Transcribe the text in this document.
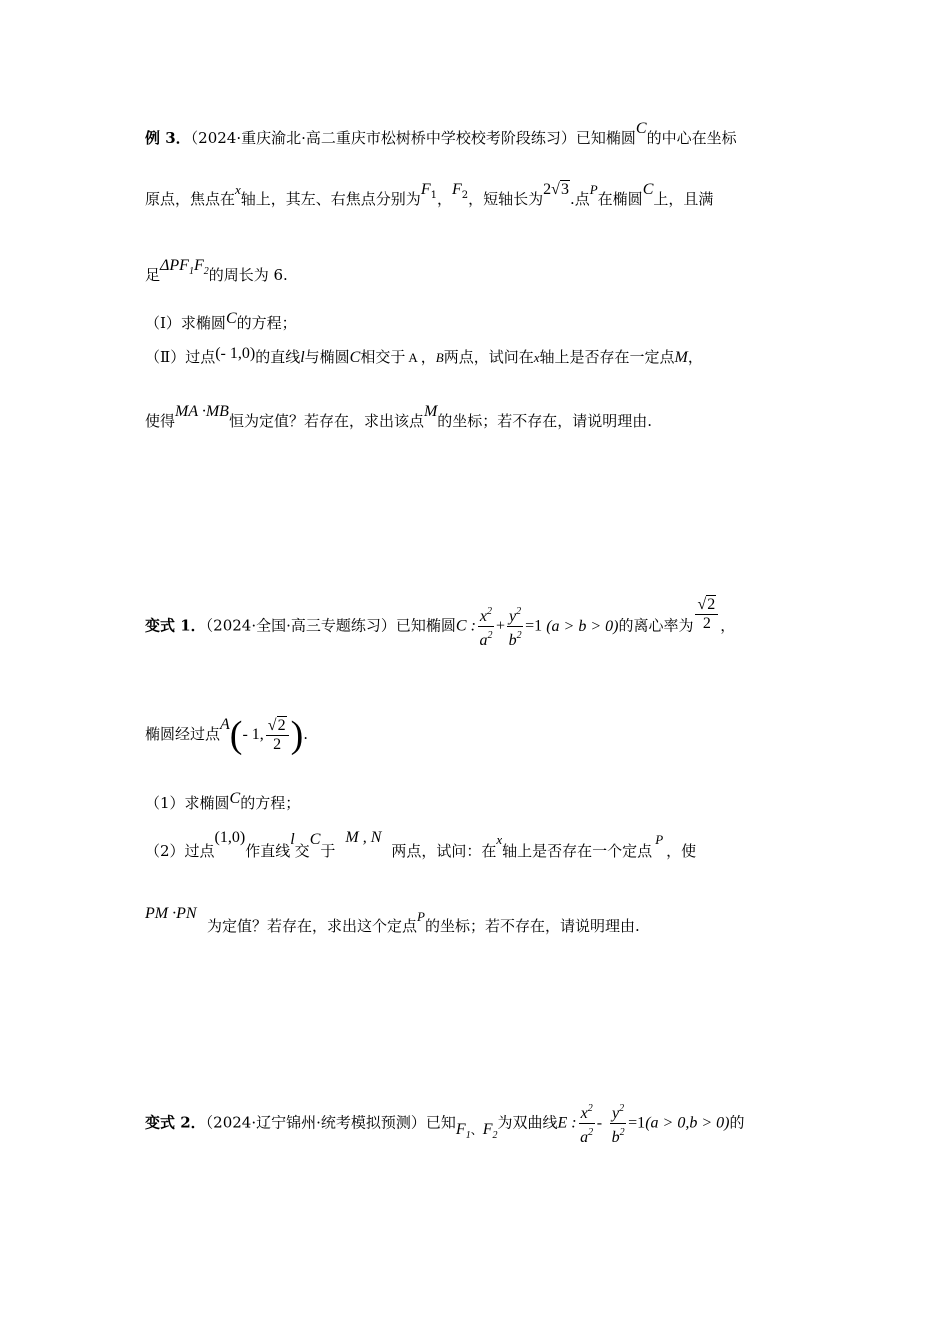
例 3．（2024·重庆渝北·高二重庆市松树桥中学校校考阶段练习）已知椭圆C的中心在坐标
原点，焦点在x轴上，其左、右焦点分别为$F_1$，$F_2$，短轴长为2√3.点P在椭圆C上，且满
足$\Delta PF_1F_2$的周长为 6.
（I）求椭圆C的方程；
（Ⅱ）过点(- 1,0)的直线l与椭圆C相交于 A ，B两点，试问在x轴上是否存在一定点M，
使得MA ·MB恒为定值？若存在，求出该点M的坐标；若不存在，请说明理由.
变式 1．（2024·全国·高三专题练习）已知椭圆C : $\frac{x^2}{a^2} + \frac{y^2}{b^2} =1$ (a > b > 0)的离心率为 $\frac{√2}{2}$ ，
椭圆经过点A(- 1, $\frac{√2}{2}$ ).
（1）求椭圆C的方程；
（2）过点(1,0)作直线l交C于M , N两点，试问：在x轴上是否存在一个定点P，使
PM ·PN
为定值？若存在，求出这个定点P的坐标；若不存在，请说明理由.
变式 2．（2024·辽宁锦州·统考模拟预测）已知$F_1$、$F_2$为双曲线E : $\frac{x^2}{a^2} - \frac{y^2}{b^2} =1(a > 0,b > 0)$的
